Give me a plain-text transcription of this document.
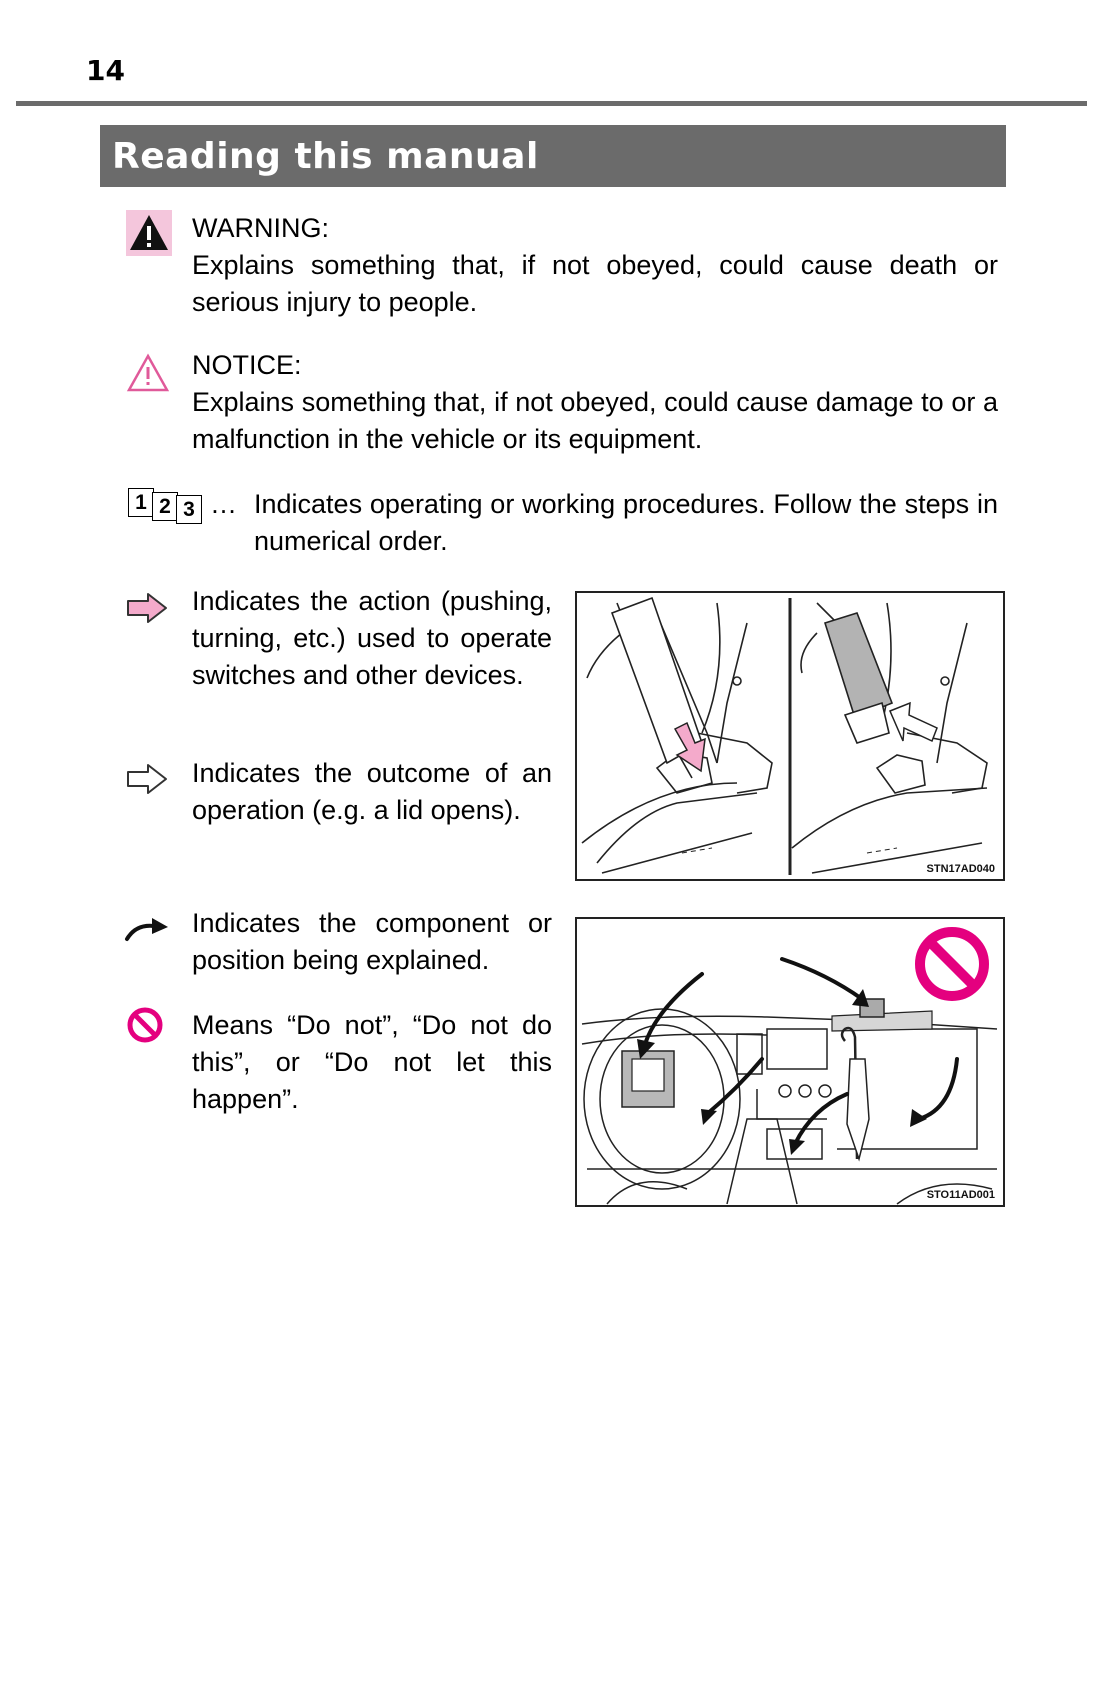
14
Reading this manual
WARNING:
Explains something that, if not obeyed, could cause death or serious injury to people.
NOTICE:
Explains something that, if not obeyed, could cause damage to or a malfunction in the vehicle or its equipment.
1 2 3 … Indicates operating or working procedures. Follow the steps in numerical order.
Indicates the action (pushing, turning, etc.) used to operate switches and other devices.
Indicates the outcome of an operation (e.g. a lid opens).
Indicates the component or position being explained.
Means “Do not”, “Do not do this”, or “Do not let this happen”.
STN17AD040
STO11AD001
